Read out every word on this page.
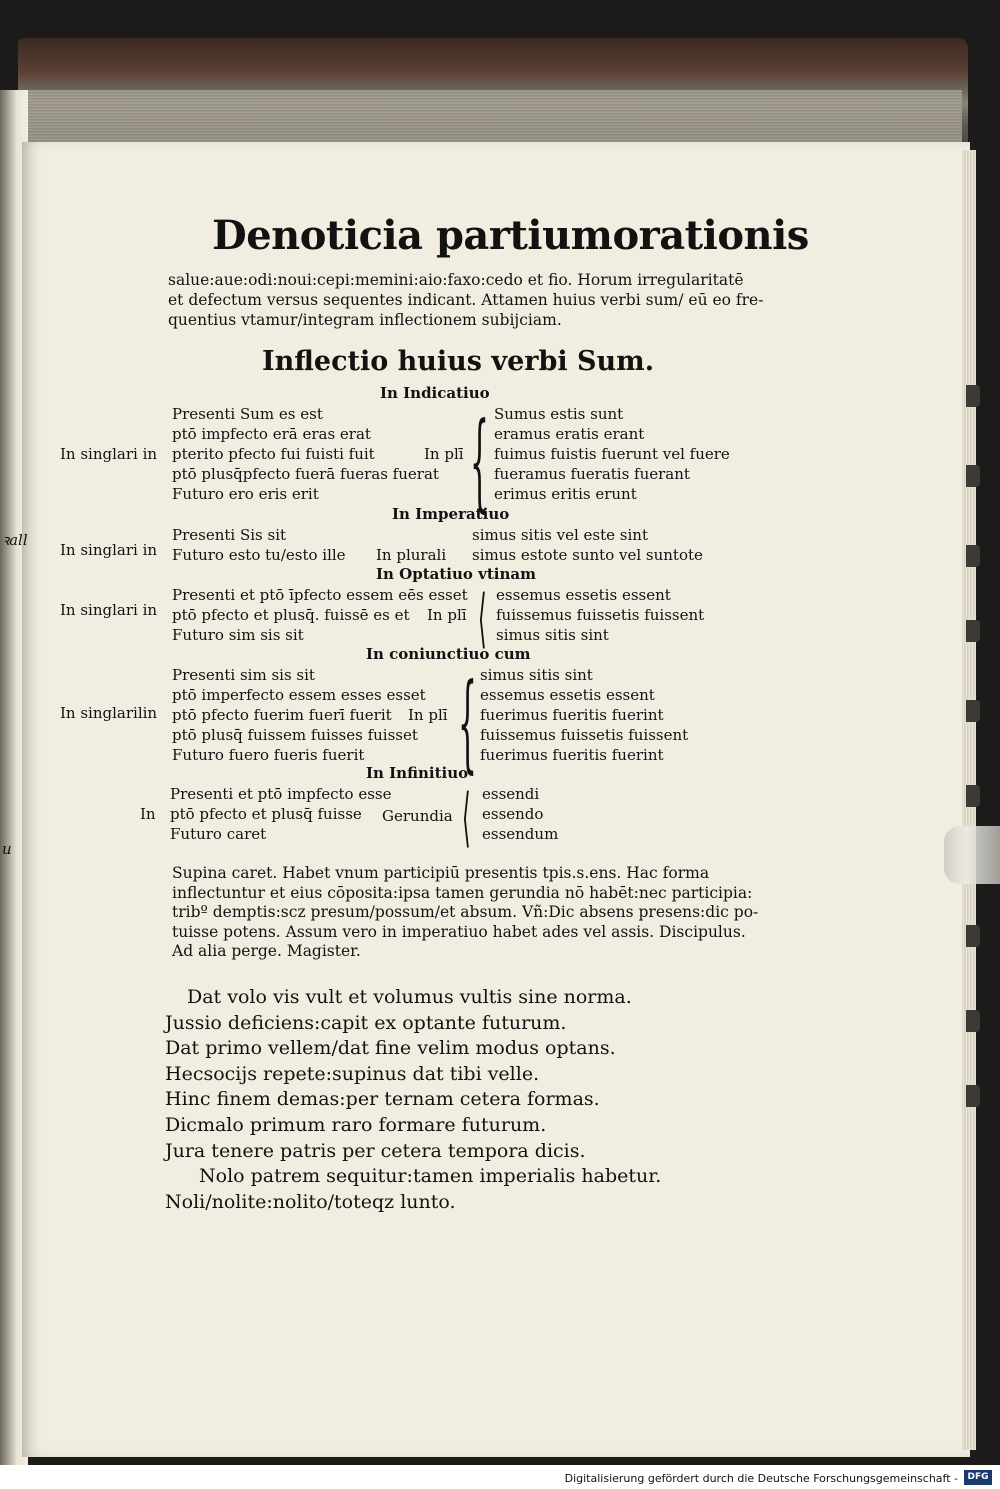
ꝛall
u
Denoticia partiumorationis
salue:aue:odi:noui:cepi:memini:aio:faxo:cedo et fio. Horum irregularitatē
et defectum versus sequentes indicant. Attamen huius verbi sum/ eū eo fre-
quentius vtamur/integram inflectionem subijciam.
Inflectio huius verbi Sum.
In Indicatiuo
In singlari in
Presenti Sum es est
ptō impfecto erā eras erat
pterito pfecto fui fuisti fuit
ptō plusq̄pfecto fuerā fueras fuerat
Futuro ero eris erit
In plī { Sumus estis sunt
eramus eratis erant
fuimus fuistis fuerunt vel fuere
fueramus fueratis fuerant
erimus eritis erunt
In Imperatiuo
In singlari in
Presenti Sis sit
Futuro esto tu/esto ille In plurali
simus sitis vel este sint
simus estote sunto vel suntote
In Optatiuo vtinam
In singlari in
Presenti et ptō īpfecto essem eēs esset
ptō pfecto et plusq̄. fuissē es et
Futuro sim sis sit
In plī ⟨ essemus essetis essent
fuissemus fuissetis fuissent
simus sitis sint
In coniunctiuo cum
In singlarilin
Presenti sim sis sit
ptō imperfecto essem esses esset
ptō pfecto fuerim fuerī fuerit
ptō plusq̄ fuissem fuisses fuisset
Futuro fuero fueris fuerit
In plī { simus sitis sint
essemus essetis essent
fuerimus fueritis fuerint
fuissemus fuissetis fuissent
fuerimus fueritis fuerint
In Infinitiuo
In
Presenti et ptō impfecto esse
ptō pfecto et plusq̄ fuisse
Futuro caret
Gerundia ⟨ essendi
essendo
essendum
Supina caret. Habet vnum participiū presentis tpis.s.ens. Hac forma
inflectuntur et eius cōposita:ipsa tamen gerundia nō habēt:nec participia:
tribº demptis:scz presum/possum/et absum. Vñ:Dic absens presens:dic po-
tuisse potens. Assum vero in imperatiuo habet ades vel assis. Discipulus.
Ad alia perge. Magister.
Dat volo vis vult et volumus vultis sine norma.
Jussio deficiens:capit ex optante futurum.
Dat primo vellem/dat fine velim modus optans.
Hecsocijs repete:supinus dat tibi velle.
Hinc finem demas:per ternam cetera formas.
Dicmalo primum raro formare futurum.
Jura tenere patris per cetera tempora dicis.
Nolo patrem sequitur:tamen imperialis habetur.
Noli/nolite:nolito/toteqz lunto.
Digitalisierung gefördert durch die Deutsche Forschungsgemeinschaft -	DFG
